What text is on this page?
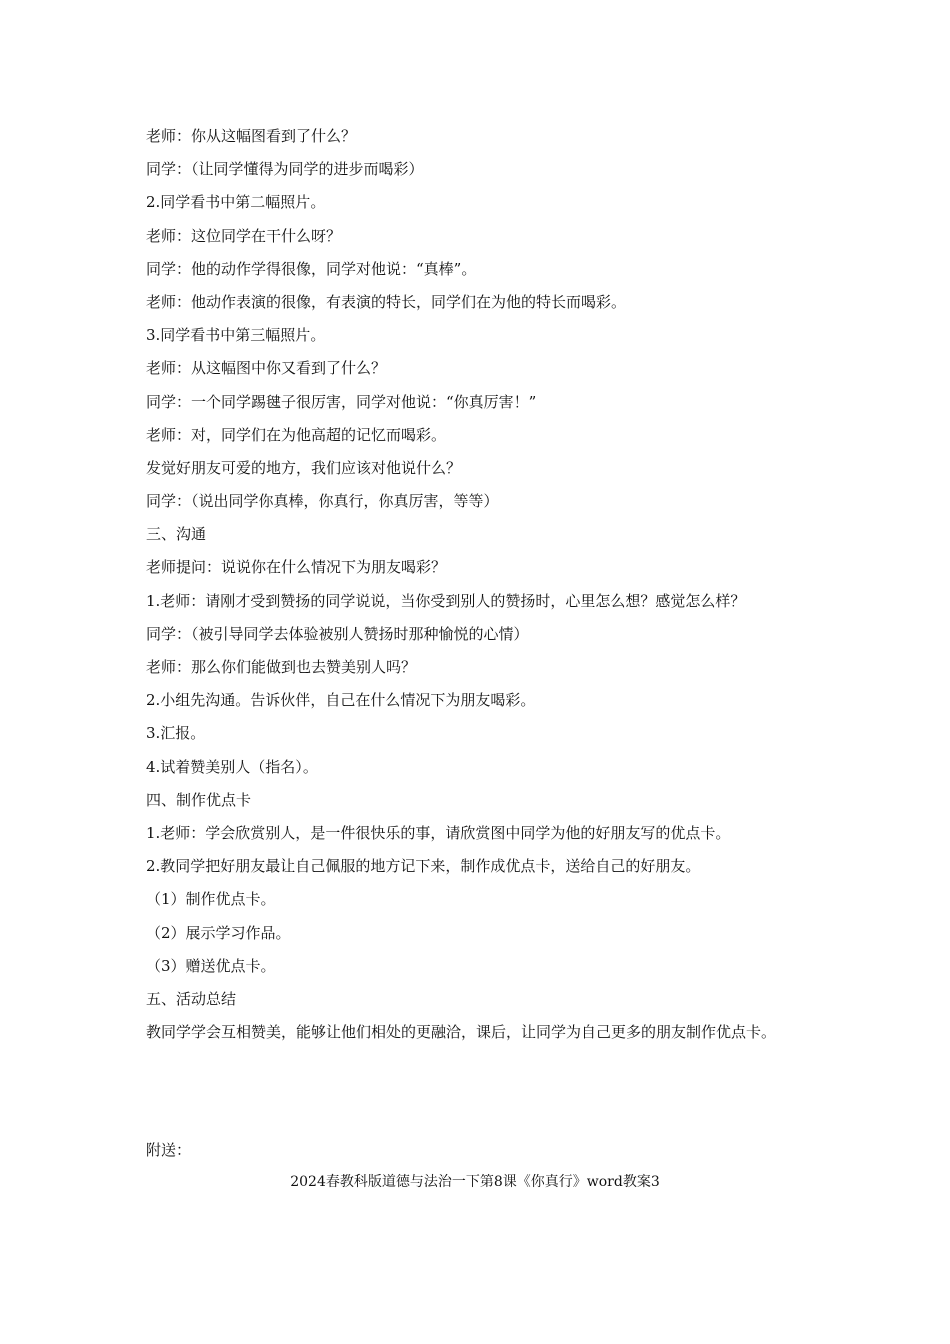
老师：你从这幅图看到了什么？
同学：（让同学懂得为同学的进步而喝彩）
2.同学看书中第二幅照片。
老师：这位同学在干什么呀？
同学：他的动作学得很像，同学对他说：“真棒”。
老师：他动作表演的很像，有表演的特长，同学们在为他的特长而喝彩。
3.同学看书中第三幅照片。
老师：从这幅图中你又看到了什么？
同学：一个同学踢毽子很厉害，同学对他说：“你真厉害！”
老师：对，同学们在为他高超的记忆而喝彩。
发觉好朋友可爱的地方，我们应该对他说什么？
同学：（说出同学你真棒，你真行，你真厉害，等等）
三、沟通
老师提问：说说你在什么情况下为朋友喝彩？
1.老师：请刚才受到赞扬的同学说说，当你受到别人的赞扬时，心里怎么想？感觉怎么样？
同学：（被引导同学去体验被别人赞扬时那种愉悦的心情）
老师：那么你们能做到也去赞美别人吗？
2.小组先沟通。告诉伙伴，自己在什么情况下为朋友喝彩。
3.汇报。
4.试着赞美别人（指名）。
四、制作优点卡
1.老师：学会欣赏别人，是一件很快乐的事，请欣赏图中同学为他的好朋友写的优点卡。
2.教同学把好朋友最让自己佩服的地方记下来，制作成优点卡，送给自己的好朋友。
（1）制作优点卡。
（2）展示学习作品。
（3）赠送优点卡。
五、活动总结
教同学学会互相赞美，能够让他们相处的更融洽，课后，让同学为自己更多的朋友制作优点卡。
附送：
2024春教科版道德与法治一下第8课《你真行》word教案3
